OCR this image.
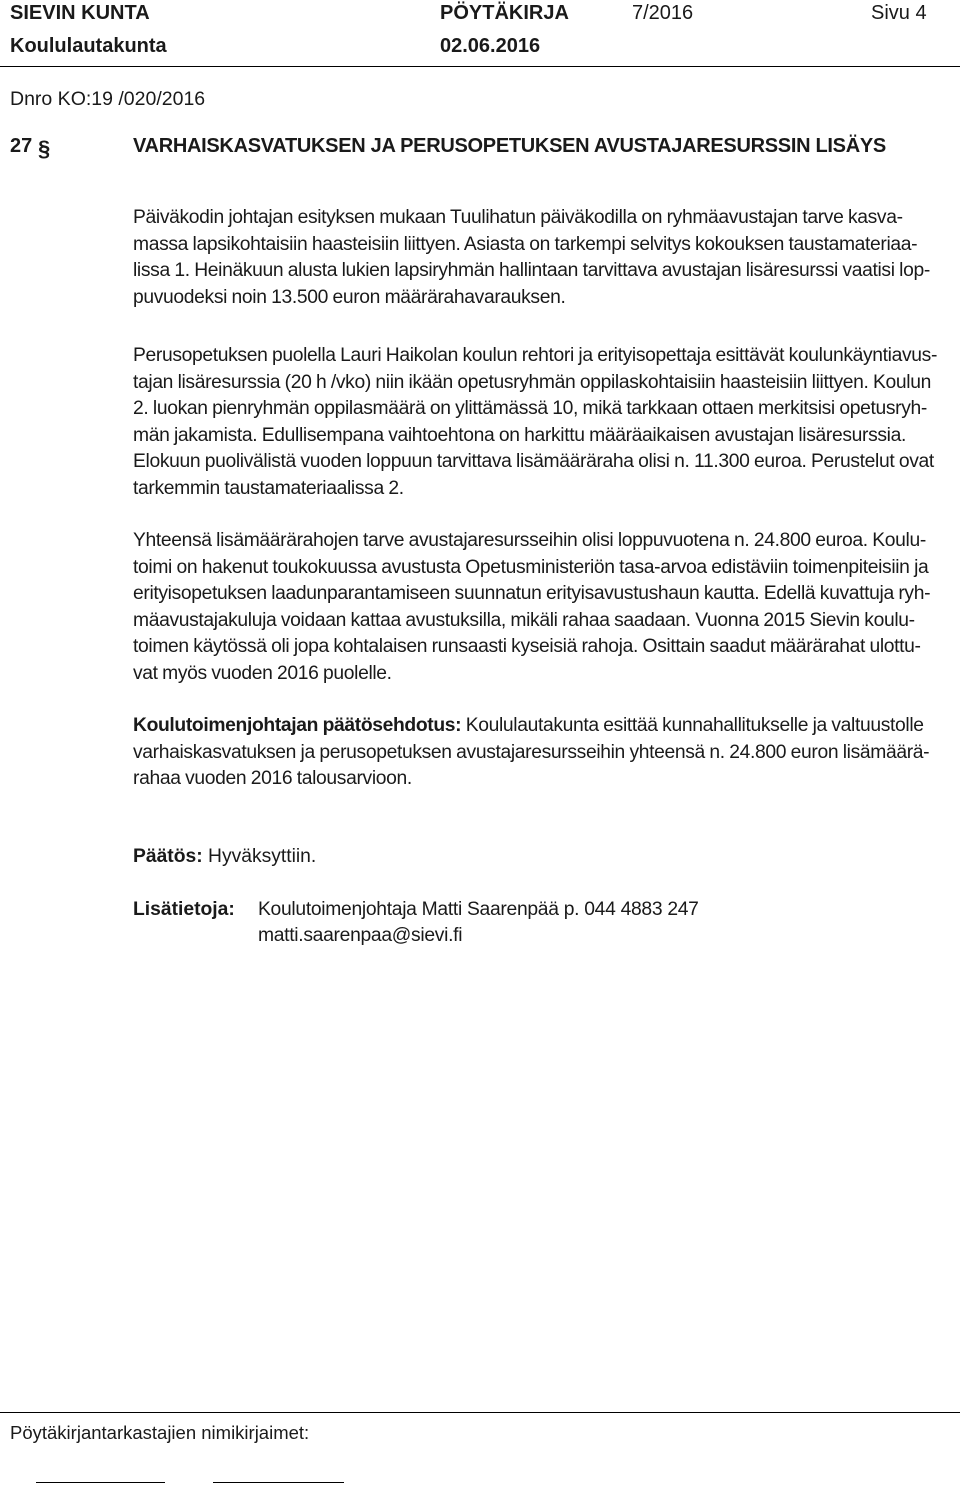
SIEVIN KUNTA	PÖYTÄKIRJA	7/2016	Sivu 4
Koululautakunta	02.06.2016
Dnro KO:19 /020/2016
27 §	VARHAISKASVATUKSEN JA PERUSOPETUKSEN AVUSTAJARESURSSIN LISÄYS
Päiväkodin johtajan esityksen mukaan Tuulihatun päiväkodilla on ryhmäavustajan tarve kasva-
massa lapsikohtaisiin haasteisiin liittyen. Asiasta on tarkempi selvitys kokouksen taustamateriaa-
lissa 1. Heinäkuun alusta lukien lapsiryhmän hallintaan tarvittava avustajan lisäresurssi vaatisi lop-
puvuodeksi noin 13.500 euron määrärahavarauksen.
Perusopetuksen puolella Lauri Haikolan koulun rehtori ja erityisopettaja esittävät koulunkäyntiavus-
tajan lisäresurssia (20 h /vko) niin ikään opetusryhmän oppilaskohtaisiin haasteisiin liittyen. Koulun
2. luokan pienryhmän oppilasmäärä on ylittämässä 10, mikä tarkkaan ottaen merkitsisi opetusryh-
män jakamista. Edullisempana vaihtoehtona on harkittu määräaikaisen avustajan lisäresurssia.
Elokuun puolivälistä vuoden loppuun tarvittava lisämääräraha olisi n. 11.300 euroa. Perustelut ovat
tarkemmin taustamateriaalissa 2.
Yhteensä lisämäärärahojen tarve avustajaresursseihin olisi loppuvuotena n. 24.800 euroa. Koulu-
toimi on hakenut toukokuussa avustusta Opetusministeriön tasa-arvoa edistäviin toimenpiteisiin ja
erityisopetuksen laadunparantamiseen suunnatun erityisavustushaun kautta. Edellä kuvattuja ryh-
mäavustajakuluja voidaan kattaa avustuksilla, mikäli rahaa saadaan. Vuonna 2015 Sievin koulu-
toimen käytössä oli jopa kohtalaisen runsaasti kyseisiä rahoja. Osittain saadut määrärahat ulottu-
vat myös vuoden 2016 puolelle.
Koulutoimenjohtajan päätösehdotus: Koululautakunta esittää kunnahallitukselle ja valtuustolle
varhaiskasvatuksen ja perusopetuksen avustajaresursseihin yhteensä n. 24.800 euron lisämäärä-
rahaa vuoden 2016 talousarvioon.
Päätös: Hyväksyttiin.
Lisätietoja: Koulutoimenjohtaja Matti Saarenpää p. 044 4883 247
matti.saarenpaa@sievi.fi
Pöytäkirjantarkastajien nimikirjaimet:
